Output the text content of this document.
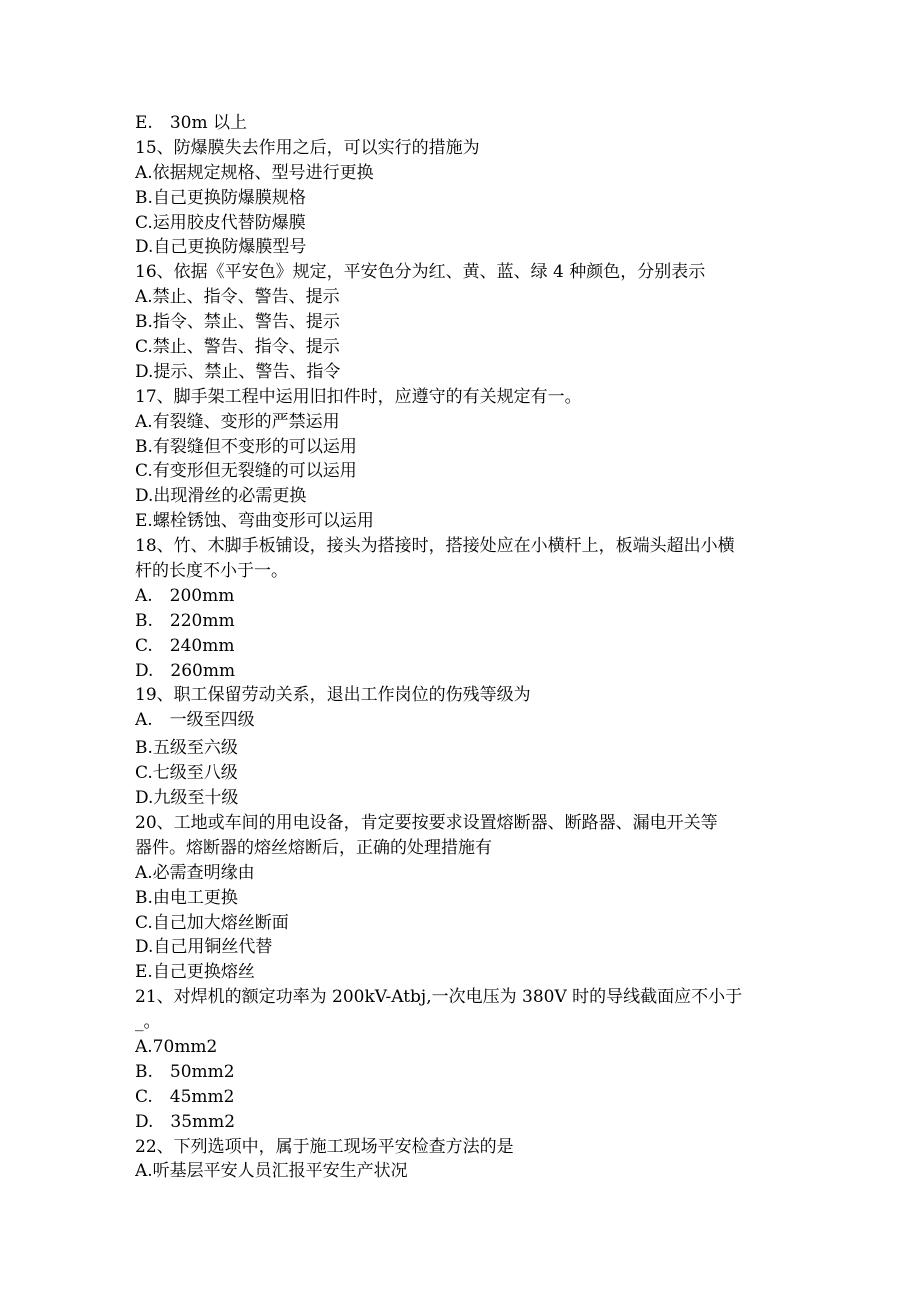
E.　30m 以上
15、防爆膜失去作用之后，可以实行的措施为
A.依据规定规格、型号进行更换
B.自己更换防爆膜规格
C.运用胶皮代替防爆膜
D.自己更换防爆膜型号
16、依据《平安色》规定，平安色分为红、黄、蓝、绿 4 种颜色，分别表示
A.禁止、指令、警告、提示
B.指令、禁止、警告、提示
C.禁止、警告、指令、提示
D.提示、禁止、警告、指令
17、脚手架工程中运用旧扣件时，应遵守的有关规定有一。
A.有裂缝、变形的严禁运用
B.有裂缝但不变形的可以运用
C.有变形但无裂缝的可以运用
D.出现滑丝的必需更换
E.螺栓锈蚀、弯曲变形可以运用
18、竹、木脚手板铺设，接头为搭接时，搭接处应在小横杆上，板端头超出小横
杆的长度不小于一。
A.　200mm
B.　220mm
C.　240mm
D.　260mm
19、职工保留劳动关系，退出工作岗位的伤残等级为
A.　一级至四级
B.五级至六级
C.七级至八级
D.九级至十级
20、工地或车间的用电设备，肯定要按要求设置熔断器、断路器、漏电开关等
器件。熔断器的熔丝熔断后，正确的处理措施有
A.必需查明缘由
B.由电工更换
C.自己加大熔丝断面
D.自己用铜丝代替
E.自己更换熔丝
21、对焊机的额定功率为 200kV-Atbj,一次电压为 380V 时的导线截面应不小于
_。
A.70mm2
B.　50mm2
C.　45mm2
D.　35mm2
22、下列选项中，属于施工现场平安检查方法的是
A.听基层平安人员汇报平安生产状况
